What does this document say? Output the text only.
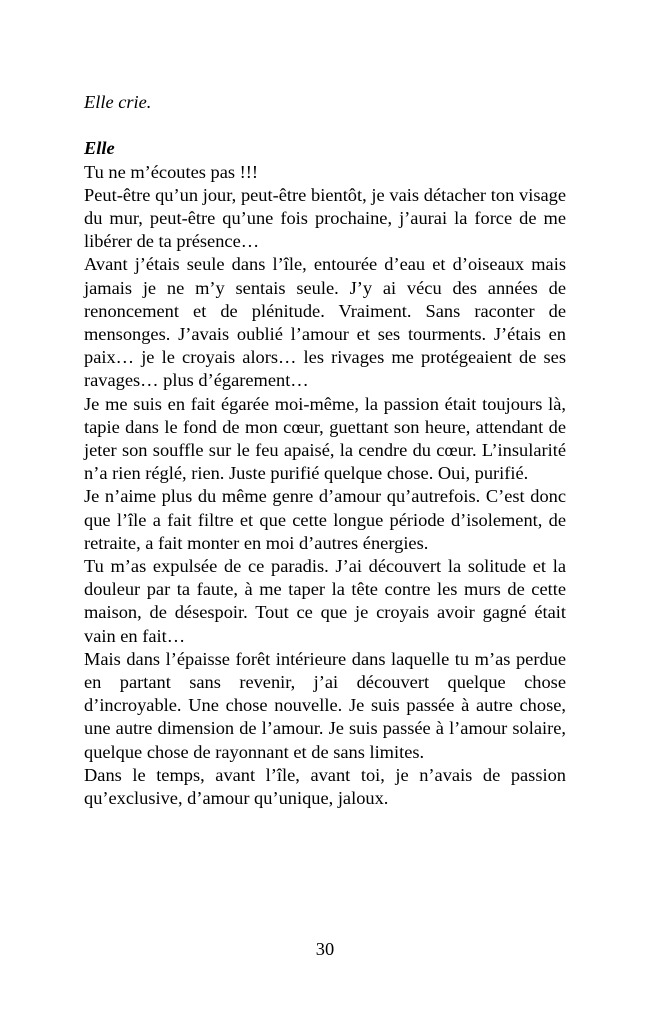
Elle crie.

Elle

Tu ne m’écoutes pas !!!

Peut-être qu’un jour, peut-être bientôt, je vais détacher ton visage du mur, peut-être qu’une fois prochaine, j’aurai la force de me libérer de ta présence…

Avant j’étais seule dans l’île, entourée d’eau et d’oiseaux mais jamais je ne m’y sentais seule. J’y ai vécu des années de renoncement et de plénitude. Vraiment. Sans raconter de mensonges. J’avais oublié l’amour et ses tourments. J’étais en paix… je le croyais alors… les rivages me protégeaient de ses ravages… plus d’égarement…

Je me suis en fait égarée moi-même, la passion était toujours là, tapie dans le fond de mon cœur, guettant son heure, attendant de jeter son souffle sur le feu apaisé, la cendre du cœur. L’insularité n’a rien réglé, rien. Juste purifié quelque chose. Oui, purifié.

Je n’aime plus du même genre d’amour qu’autrefois. C’est donc que l’île a fait filtre et que cette longue période d’isolement, de retraite, a fait monter en moi d’autres énergies.

Tu m’as expulsée de ce paradis. J’ai découvert la solitude et la douleur par ta faute, à me taper la tête contre les murs de cette maison, de désespoir. Tout ce que je croyais avoir gagné était vain en fait…

Mais dans l’épaisse forêt intérieure dans laquelle tu m’as perdue en partant sans revenir, j’ai découvert quelque chose d’incroyable. Une chose nouvelle. Je suis passée à autre chose, une autre dimension de l’amour. Je suis passée à l’amour solaire, quelque chose de rayonnant et de sans limites.

Dans le temps, avant l’île, avant toi, je n’avais de passion qu’exclusive, d’amour qu’unique, jaloux.

30
